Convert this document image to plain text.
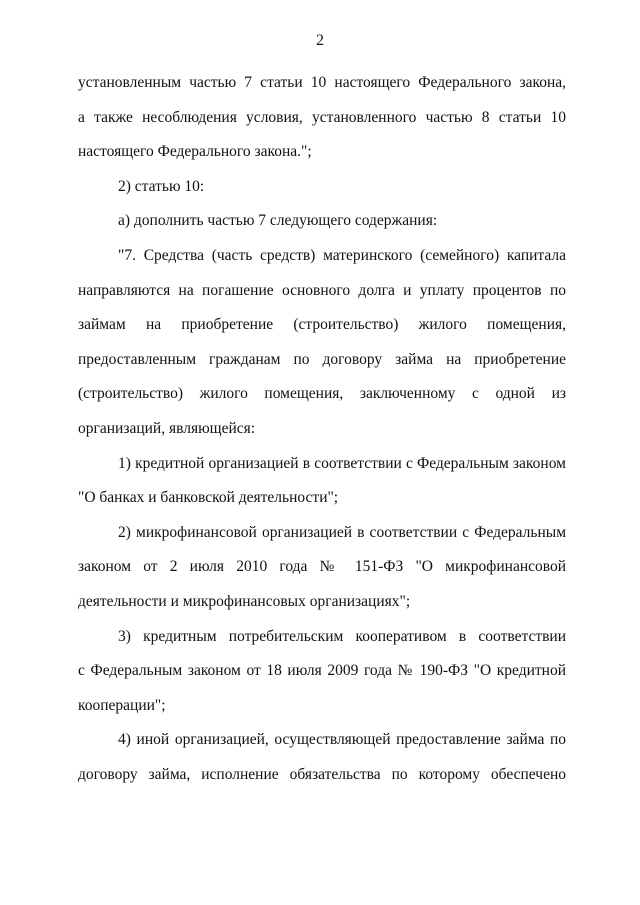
2
установленным частью 7 статьи 10 настоящего Федерального закона,
а также несоблюдения условия, установленного частью 8 статьи 10
настоящего Федерального закона.";
2) статью 10:
а) дополнить частью 7 следующего содержания:
"7. Средства (часть средств) материнского (семейного) капитала
направляются на погашение основного долга и уплату процентов по
займам на приобретение (строительство) жилого помещения,
предоставленным гражданам по договору займа на приобретение
(строительство) жилого помещения, заключенному с одной из
организаций, являющейся:
1) кредитной организацией в соответствии с Федеральным законом
"О банках и банковской деятельности";
2) микрофинансовой организацией в соответствии с Федеральным
законом от 2 июля 2010 года № 151-ФЗ "О микрофинансовой
деятельности и микрофинансовых организациях";
3) кредитным потребительским кооперативом в соответствии
с Федеральным законом от 18 июля 2009 года № 190-ФЗ "О кредитной
кооперации";
4) иной организацией, осуществляющей предоставление займа по
договору займа, исполнение обязательства по которому обеспечено
